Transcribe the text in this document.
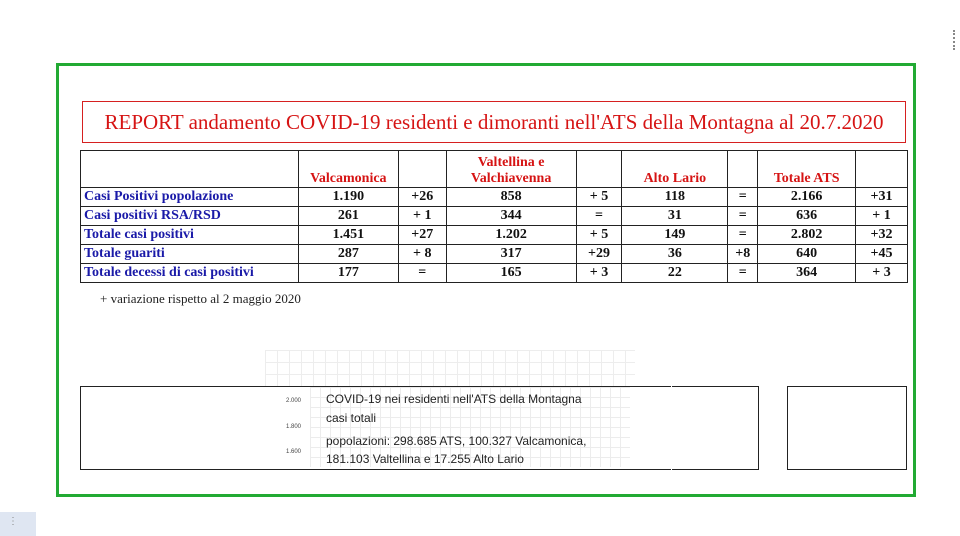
REPORT andamento COVID-19 residenti e dimoranti nell'ATS della Montagna al 20.7.2020
	Valcamonica		Valtellina e Valchiavenna		Alto Lario		Totale ATS	
Casi Positivi popolazione	1.190	+26	858	+ 5	118	=	2.166	+31
Casi positivi RSA/RSD	261	+ 1	344	=	31	=	636	+ 1
Totale casi positivi	1.451	+27	1.202	+ 5	149	=	2.802	+32
Totale guariti	287	+ 8	317	+29	36	+8	640	+45
Totale decessi di casi positivi	177	=	165	+ 3	22	=	364	+ 3
+ variazione rispetto al 2 maggio 2020
2.000
1.800
1.600
COVID-19 nei residenti nell'ATS della Montagna
casi totali
popolazioni: 298.685 ATS, 100.327 Valcamonica,
181.103 Valtellina e 17.255 Alto Lario
⋮
